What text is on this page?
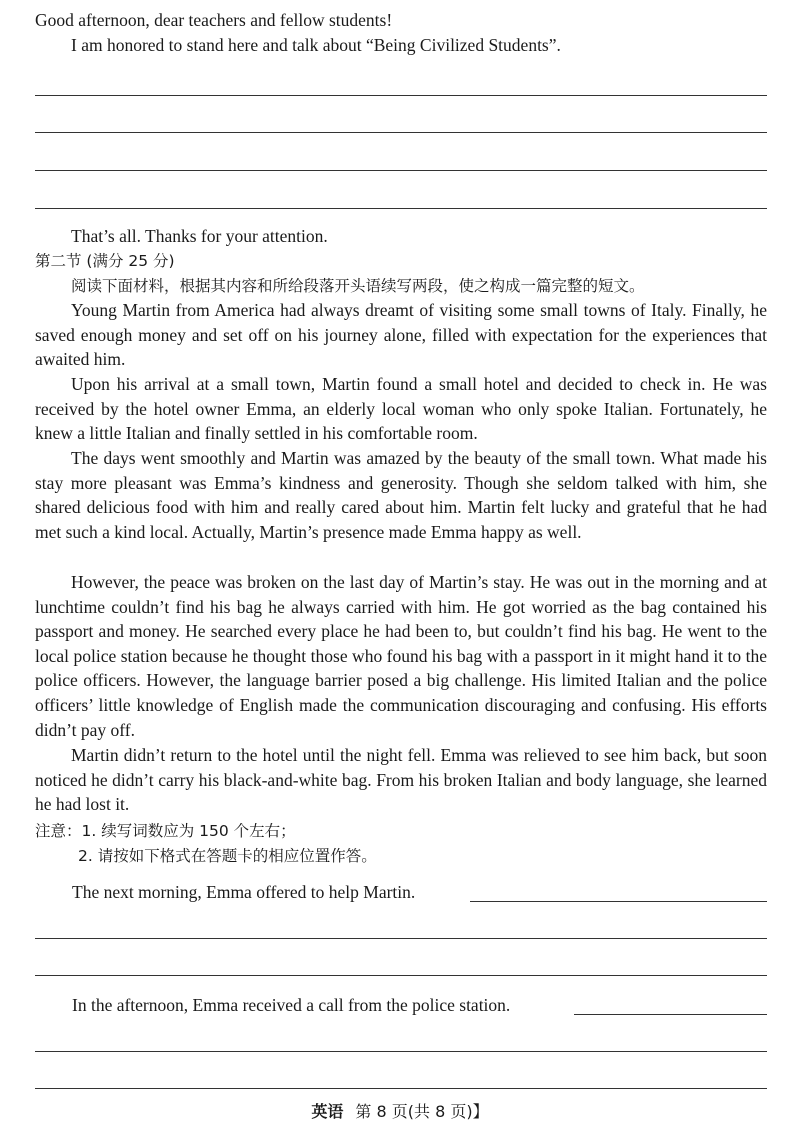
Good afternoon, dear teachers and fellow students!

I am honored to stand here and talk about “Being Civilized Students”.

That’s all. Thanks for your attention.

第二节 (满分 25 分)

阅读下面材料，根据其内容和所给段落开头语续写两段，使之构成一篇完整的短文。

Young Martin from America had always dreamt of visiting some small towns of Italy. Finally, he saved enough money and set off on his journey alone, filled with expectation for the experiences that awaited him.

Upon his arrival at a small town, Martin found a small hotel and decided to check in. He was received by the hotel owner Emma, an elderly local woman who only spoke Italian. Fortunately, he knew a little Italian and finally settled in his comfortable room.

The days went smoothly and Martin was amazed by the beauty of the small town. What made his stay more pleasant was Emma’s kindness and generosity. Though she seldom talked with him, she shared delicious food with him and really cared about him. Martin felt lucky and grateful that he had met such a kind local. Actually, Martin’s presence made Emma happy as well.

However, the peace was broken on the last day of Martin’s stay. He was out in the morning and at lunchtime couldn’t find his bag he always carried with him. He got worried as the bag contained his passport and money. He searched every place he had been to, but couldn’t find his bag. He went to the local police station because he thought those who found his bag with a passport in it might hand it to the police officers. However, the language barrier posed a big challenge. His limited Italian and the police officers’ little knowledge of English made the communication discouraging and confusing. His efforts didn’t pay off.

Martin didn’t return to the hotel until the night fell. Emma was relieved to see him back, but soon noticed he didn’t carry his black-and-white bag. From his broken Italian and body language, she learned he had lost it.

注意：1. 续写词数应为 150 个左右；

2. 请按如下格式在答题卡的相应位置作答。

The next morning, Emma offered to help Martin.

In the afternoon, Emma received a call from the police station.

英语 第 8 页(共 8 页)】
